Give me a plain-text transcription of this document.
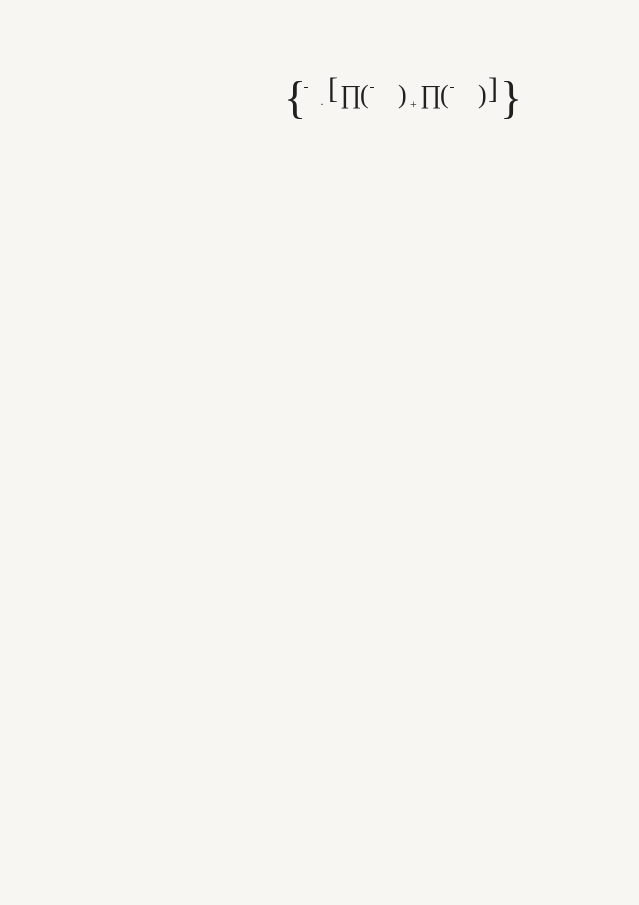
{ · [ ∏
( ) + ∏
( ) ] }
